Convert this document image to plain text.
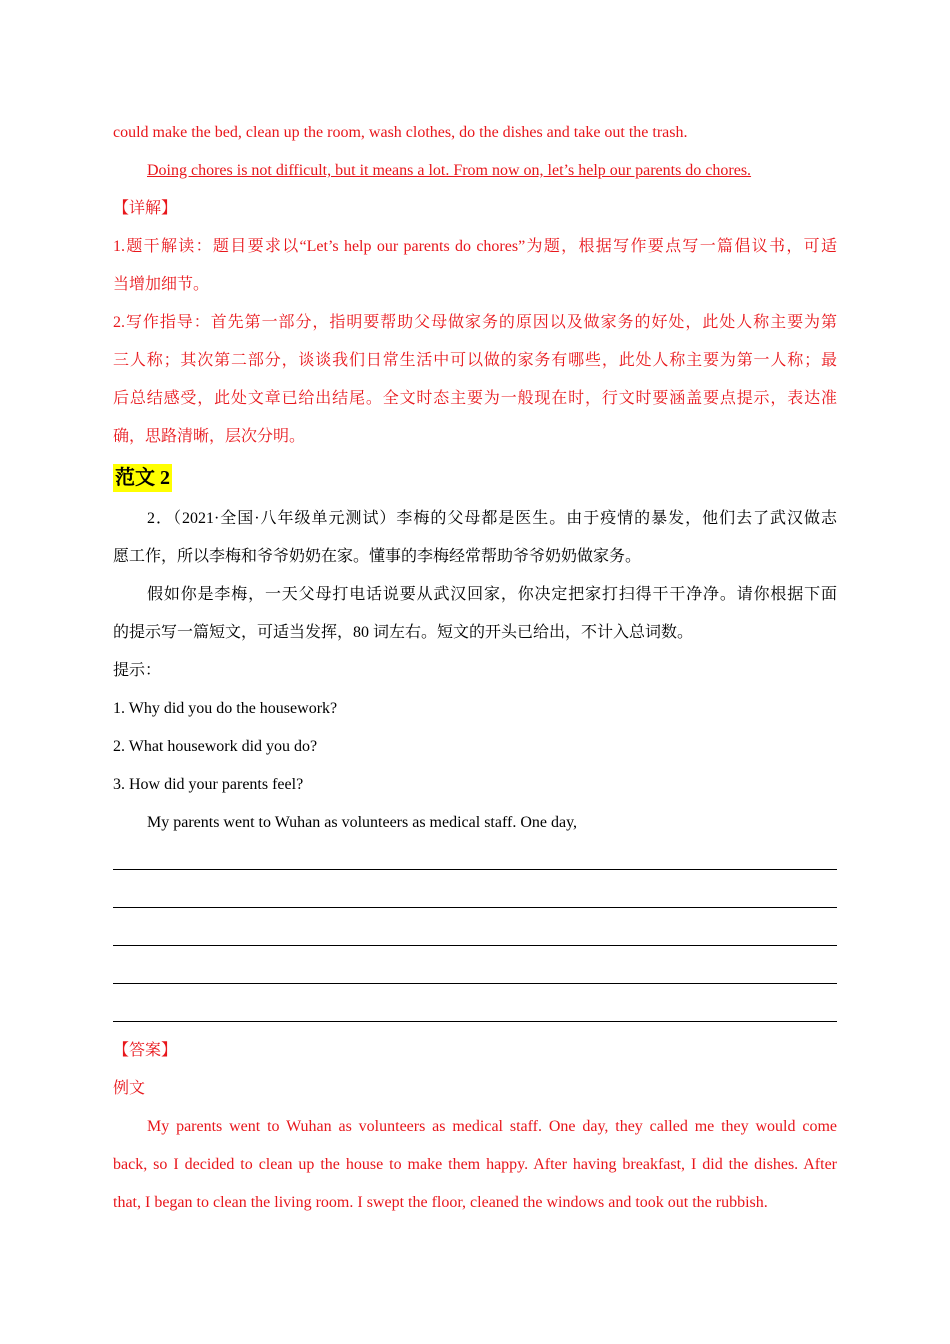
could make the bed, clean up the room, wash clothes, do the dishes and take out the trash.
Doing chores is not difficult, but it means a lot. From now on, let’s help our parents do chores.
【详解】
1.题干解读：题目要求以“Let’s help our parents do chores”为题，根据写作要点写一篇倡议书，可适
当增加细节。
2.写作指导：首先第一部分，指明要帮助父母做家务的原因以及做家务的好处，此处人称主要为第
三人称；其次第二部分，谈谈我们日常生活中可以做的家务有哪些，此处人称主要为第一人称；最
后总结感受，此处文章已给出结尾。全文时态主要为一般现在时，行文时要涵盖要点提示，表达准
确，思路清晰，层次分明。
范文 2
2．（2021·全国·八年级单元测试）李梅的父母都是医生。由于疫情的暴发，他们去了武汉做志
愿工作，所以李梅和爷爷奶奶在家。懂事的李梅经常帮助爷爷奶奶做家务。
假如你是李梅，一天父母打电话说要从武汉回家，你决定把家打扫得干干净净。请你根据下面
的提示写一篇短文，可适当发挥，80 词左右。短文的开头已给出，不计入总词数。
提示：
1. Why did you do the housework?
2. What housework did you do?
3. How did your parents feel?
My parents went to Wuhan as volunteers as medical staff. One day,
【答案】
例文
My parents went to Wuhan as volunteers as medical staff. One day, they called me they would come
back, so I decided to clean up the house to make them happy. After having breakfast, I did the dishes. After
that, I began to clean the living room. I swept the floor, cleaned the windows and took out the rubbish.
